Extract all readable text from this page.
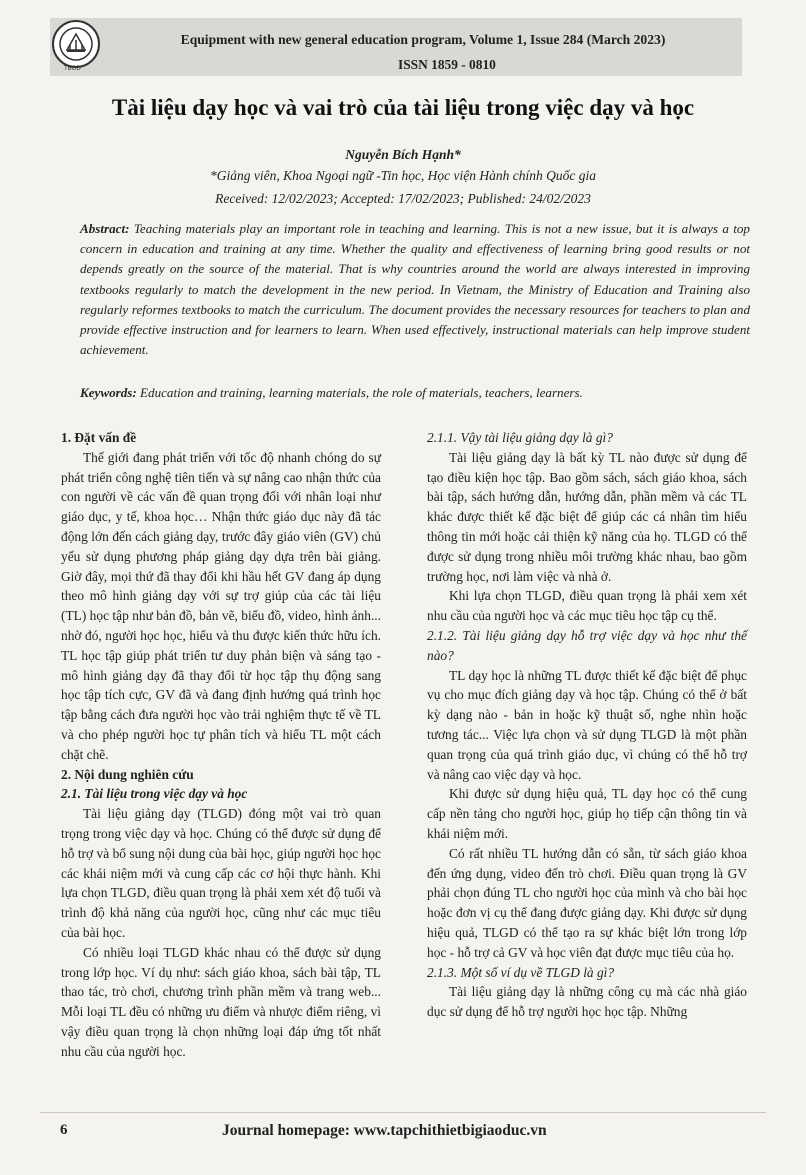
TBGD
Equipment with new general education program, Volume 1, Issue 284 (March 2023)
ISSN 1859 - 0810
Tài liệu dạy học và vai trò của tài liệu trong việc dạy và học
Nguyễn Bích Hạnh*
*Giảng viên, Khoa Ngoại ngữ -Tin học, Học viện Hành chính Quốc gia
Received: 12/02/2023; Accepted: 17/02/2023; Published: 24/02/2023
Abstract: Teaching materials play an important role in teaching and learning. This is not a new issue, but it is always a top concern in education and training at any time. Whether the quality and effectiveness of learning bring good results or not depends greatly on the source of the material. That is why countries around the world are always interested in improving textbooks regularly to match the development in the new period. In Vietnam, the Ministry of Education and Training also regularly reformes textbooks to match the curriculum. The document provides the necessary resources for teachers to plan and provide effective instruction and for learners to learn. When used effectively, instructional materials can help improve student achievement.
Keywords: Education and training, learning materials, the role of materials, teachers, learners.
1. Đặt vấn đề

Thế giới đang phát triển với tốc độ nhanh chóng do sự phát triển công nghệ tiên tiến và sự nâng cao nhận thức của con người về các vấn đề quan trọng đối với nhân loại như giáo dục, y tế, khoa học… Nhận thức giáo dục này đã tác động lớn đến cách giảng dạy, trước đây giáo viên (GV) chủ yếu sử dụng phương pháp giảng dạy dựa trên bài giảng. Giờ đây, mọi thứ đã thay đổi khi hầu hết GV đang áp dụng theo mô hình giảng dạy với sự trợ giúp của các tài liệu (TL) học tập như bản đồ, bản vẽ, biểu đồ, video, hình ảnh... nhờ đó, người học học, hiểu và thu được kiến thức hữu ích. TL học tập giúp phát triển tư duy phản biện và sáng tạo - mô hình giảng dạy đã thay đổi từ học tập thụ động sang học tập tích cực, GV đã và đang định hướng quá trình học tập bằng cách đưa người học vào trải nghiệm thực tế về TL và cho phép người học tự phân tích và hiểu TL một cách chặt chẽ.

2. Nội dung nghiên cứu
2.1. Tài liệu trong việc dạy và học

Tài liệu giảng dạy (TLGD) đóng một vai trò quan trọng trong việc dạy và học. Chúng có thể được sử dụng để hỗ trợ và bổ sung nội dung của bài học, giúp người học học các khái niệm mới và cung cấp các cơ hội thực hành. Khi lựa chọn TLGD, điều quan trọng là phải xem xét độ tuổi và trình độ khả năng của người học, cũng như các mục tiêu của bài học.

Có nhiều loại TLGD khác nhau có thể được sử dụng trong lớp học. Ví dụ như: sách giáo khoa, sách bài tập, TL thao tác, trò chơi, chương trình phần mềm và trang web... Mỗi loại TL đều có những ưu điểm và nhược điểm riêng, vì vậy điều quan trọng là chọn những loại đáp ứng tốt nhất nhu cầu của người học.

2.1.1. Vậy tài liệu giảng dạy là gì?

Tài liệu giảng dạy là bất kỳ TL nào được sử dụng để tạo điều kiện học tập. Bao gồm sách, sách giáo khoa, sách bài tập, sách hướng dẫn, hướng dẫn, phần mềm và các TL khác được thiết kế đặc biệt để giúp các cá nhân tìm hiểu thông tin mới hoặc cải thiện kỹ năng của họ. TLGD có thể được sử dụng trong nhiều môi trường khác nhau, bao gồm trường học, nơi làm việc và nhà ở.

Khi lựa chọn TLGD, điều quan trọng là phải xem xét nhu cầu của người học và các mục tiêu học tập cụ thể.

2.1.2. Tài liệu giảng dạy hỗ trợ việc dạy và học như thế nào?

TL dạy học là những TL được thiết kế đặc biệt để phục vụ cho mục đích giảng dạy và học tập. Chúng có thể ở bất kỳ dạng nào - bản in hoặc kỹ thuật số, nghe nhìn hoặc tương tác... Việc lựa chọn và sử dụng TLGD là một phần quan trọng của quá trình giáo dục, vì chúng có thể hỗ trợ và nâng cao việc dạy và học.

Khi được sử dụng hiệu quả, TL dạy học có thể cung cấp nền tảng cho người học, giúp họ tiếp cận thông tin và khái niệm mới.

Có rất nhiều TL hướng dẫn có sẵn, từ sách giáo khoa đến ứng dụng, video đến trò chơi. Điều quan trọng là GV phải chọn đúng TL cho người học của mình và cho bài học hoặc đơn vị cụ thể đang được giảng dạy. Khi được sử dụng hiệu quả, TLGD có thể tạo ra sự khác biệt lớn trong lớp học - hỗ trợ cả GV và học viên đạt được mục tiêu của họ.

2.1.3. Một số ví dụ về TLGD là gì?

Tài liệu giảng dạy là những công cụ mà các nhà giáo dục sử dụng để hỗ trợ người học học tập. Những

6	Journal homepage: www.tapchithietbigiaoduc.vn
